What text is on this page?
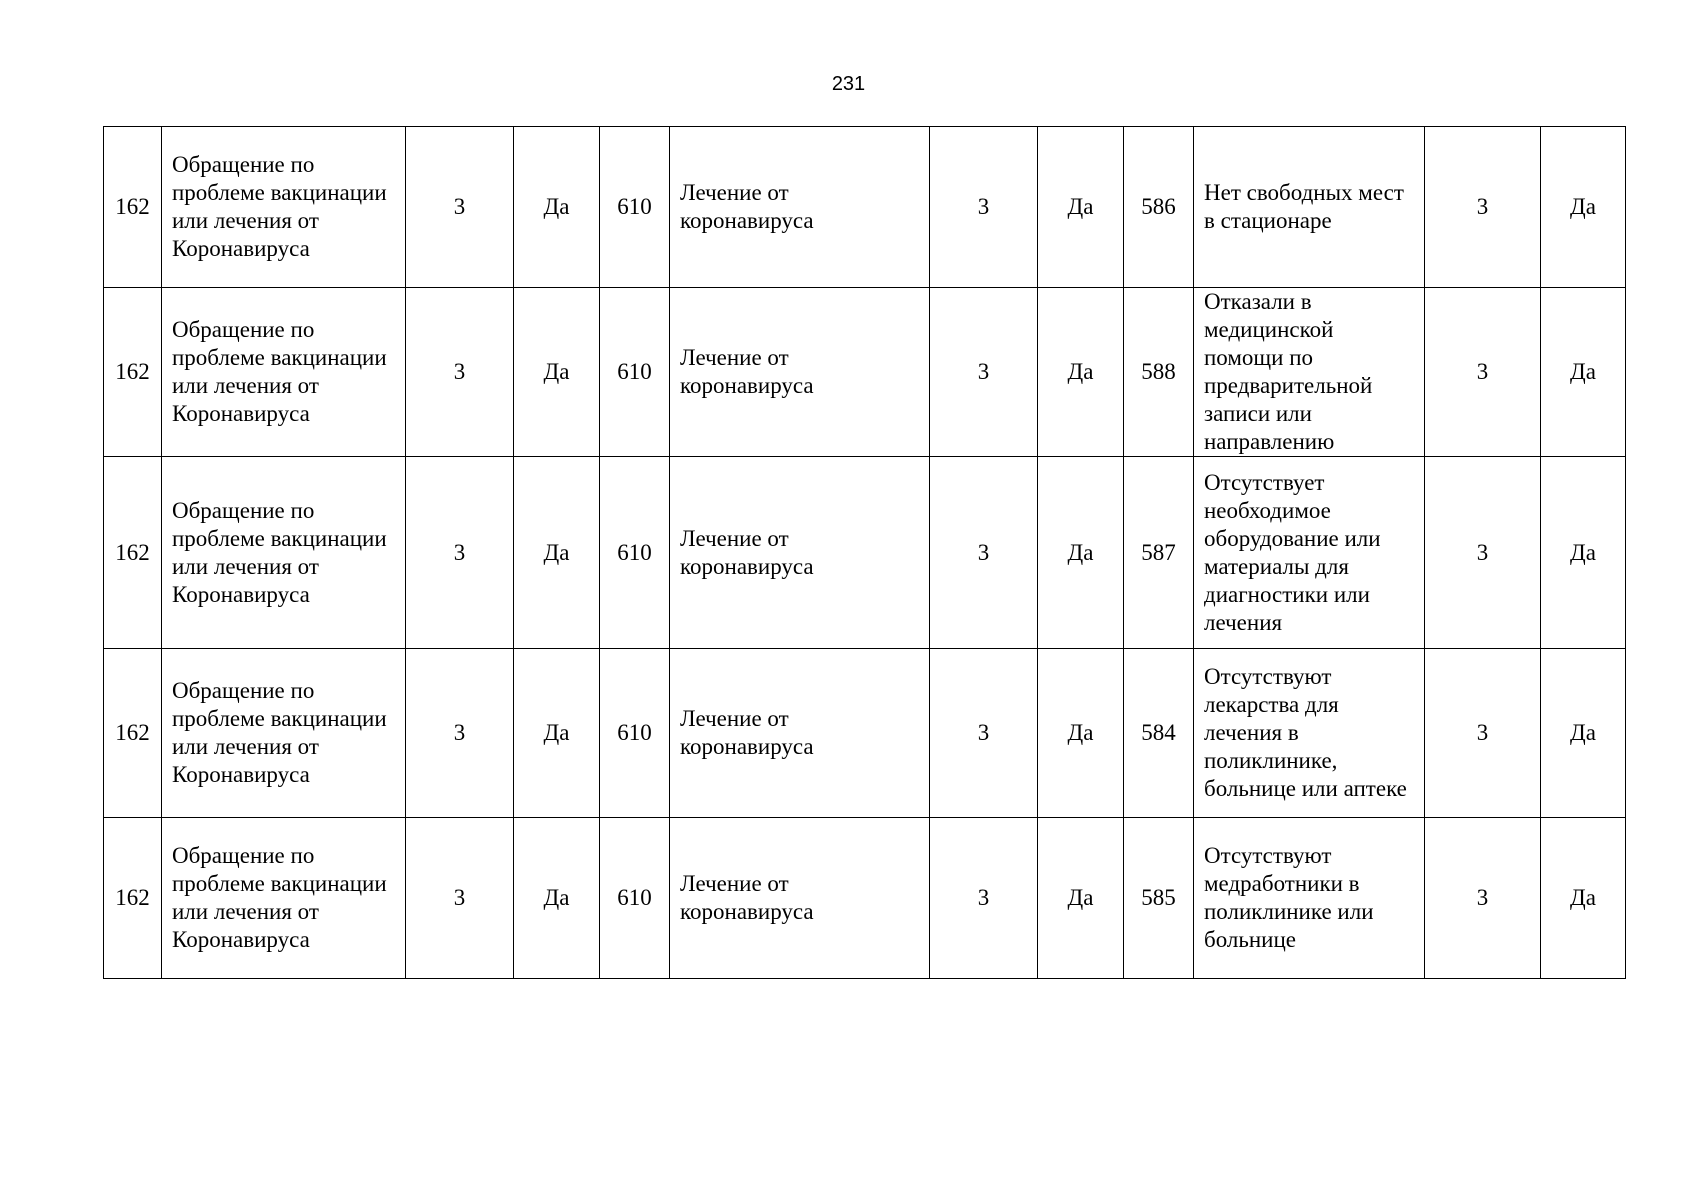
231
162	Обращение по проблеме вакцинации или лечения от Коронавируса	3	Да	610	Лечение от коронавируса	3	Да	586	Нет свободных мест в стационаре	3	Да
162	Обращение по проблеме вакцинации или лечения от Коронавируса	3	Да	610	Лечение от коронавируса	3	Да	588	Отказали в медицинской помощи по предварительной записи или направлению	3	Да
162	Обращение по проблеме вакцинации или лечения от Коронавируса	3	Да	610	Лечение от коронавируса	3	Да	587	Отсутствует необходимое оборудование или материалы для диагностики или лечения	3	Да
162	Обращение по проблеме вакцинации или лечения от Коронавируса	3	Да	610	Лечение от коронавируса	3	Да	584	Отсутствуют лекарства для лечения в поликлинике, больнице или аптеке	3	Да
162	Обращение по проблеме вакцинации или лечения от Коронавируса	3	Да	610	Лечение от коронавируса	3	Да	585	Отсутствуют медработники в поликлинике или больнице	3	Да
